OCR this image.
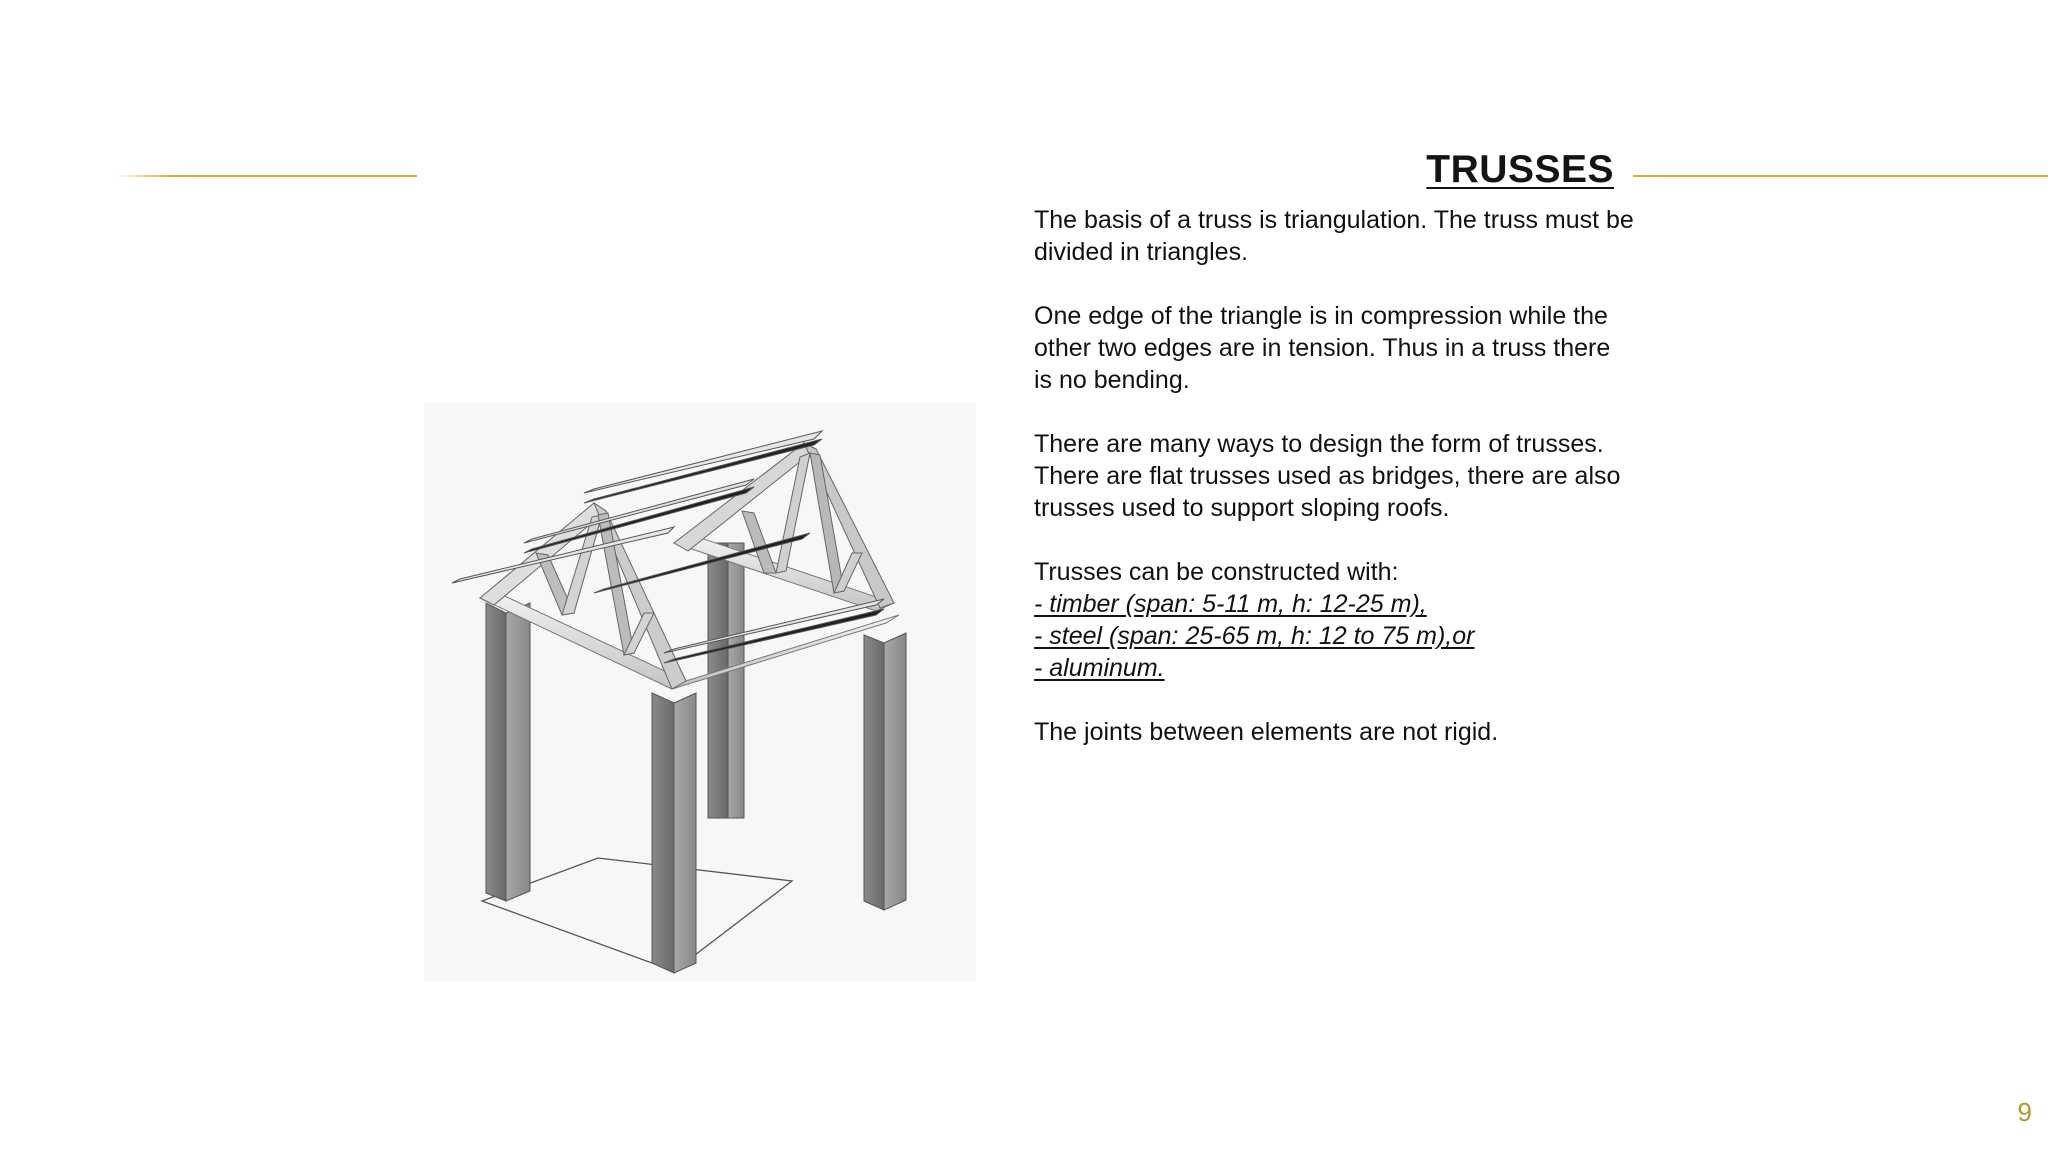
TRUSSES

The basis of a truss is triangulation. The truss must be divided in triangles.

One edge of the triangle is in compression while the other two edges are in tension. Thus in a truss there is no bending.

There are many ways to design the form of trusses. There are flat trusses used as bridges, there are also trusses used to support sloping roofs.

Trusses can be constructed with:
- timber (span: 5-11 m, h: 12-25 m),
- steel (span: 25-65 m, h: 12 to 75 m),or
- aluminum.

The joints between elements are not rigid.

9
